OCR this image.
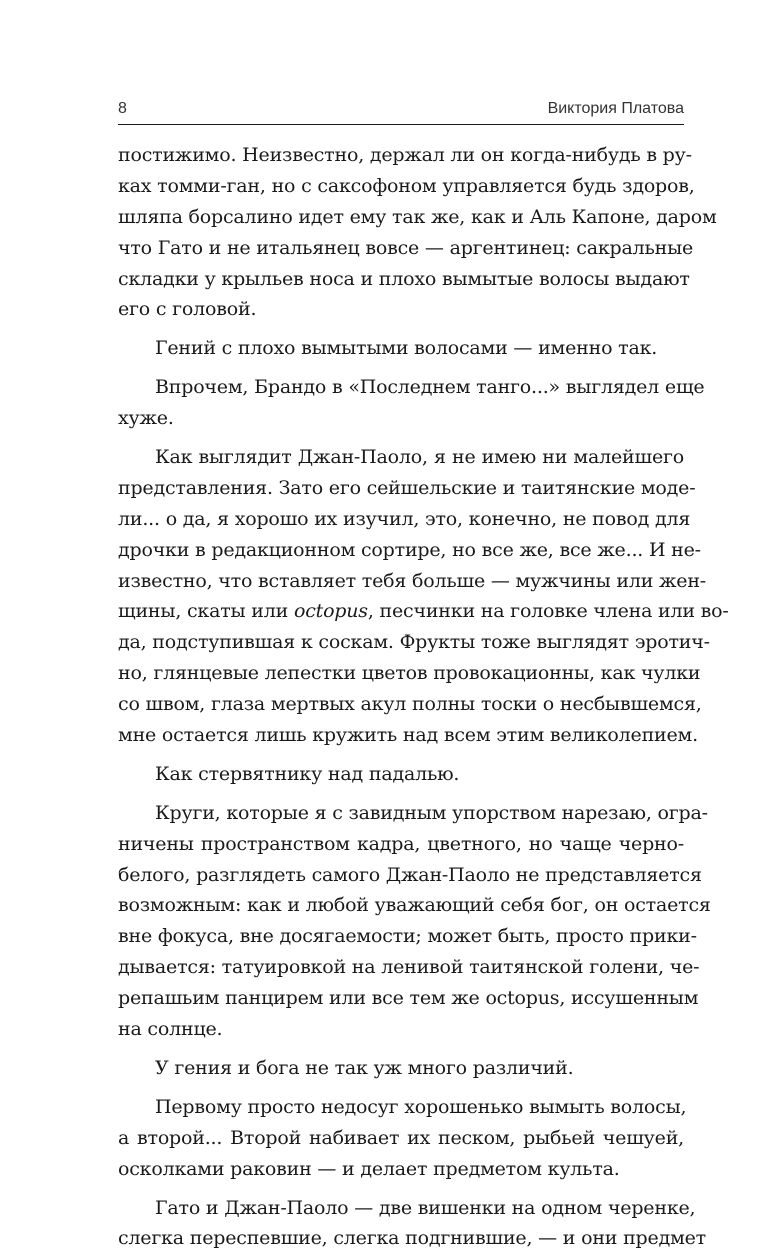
8	Виктория Платова
постижимо. Неизвестно, держал ли он когда-нибудь в ру-
ках томми-ган, но с саксофоном управляется будь здоров,
шляпа борсалино идет ему так же, как и Аль Капоне, даром
что Гато и не итальянец вовсе — аргентинец: сакральные
складки у крыльев носа и плохо вымытые волосы выдают
его с головой.
Гений с плохо вымытыми волосами — именно так.
Впрочем, Брандо в «Последнем танго...» выглядел еще
хуже.
Как выглядит Джан-Паоло, я не имею ни малейшего
представления. Зато его сейшельские и таитянские моде-
ли... о да, я хорошо их изучил, это, конечно, не повод для
дрочки в редакционном сортире, но все же, все же... И не-
известно, что вставляет тебя больше — мужчины или жен-
щины, скаты или octopus, песчинки на головке члена или во-
да, подступившая к соскам. Фрукты тоже выглядят эротич-
но, глянцевые лепестки цветов провокационны, как чулки
со швом, глаза мертвых акул полны тоски о несбывшемся,
мне остается лишь кружить над всем этим великолепием.
Как стервятнику над падалью.
Круги, которые я с завидным упорством нарезаю, огра-
ничены пространством кадра, цветного, но чаще черно-
белого, разглядеть самого Джан-Паоло не представляется
возможным: как и любой уважающий себя бог, он остается
вне фокуса, вне досягаемости; может быть, просто прики-
дывается: татуировкой на ленивой таитянской голени, че-
репашьим панцирем или все тем же octopus, иссушенным
на солнце.
У гения и бога не так уж много различий.
Первому просто недосуг хорошенько вымыть волосы,
а второй... Второй набивает их песком, рыбьей чешуей,
осколками раковин — и делает предметом культа.
Гато и Джан-Паоло — две вишенки на одном черенке,
слегка переспевшие, слегка подгнившие, — и они предмет
